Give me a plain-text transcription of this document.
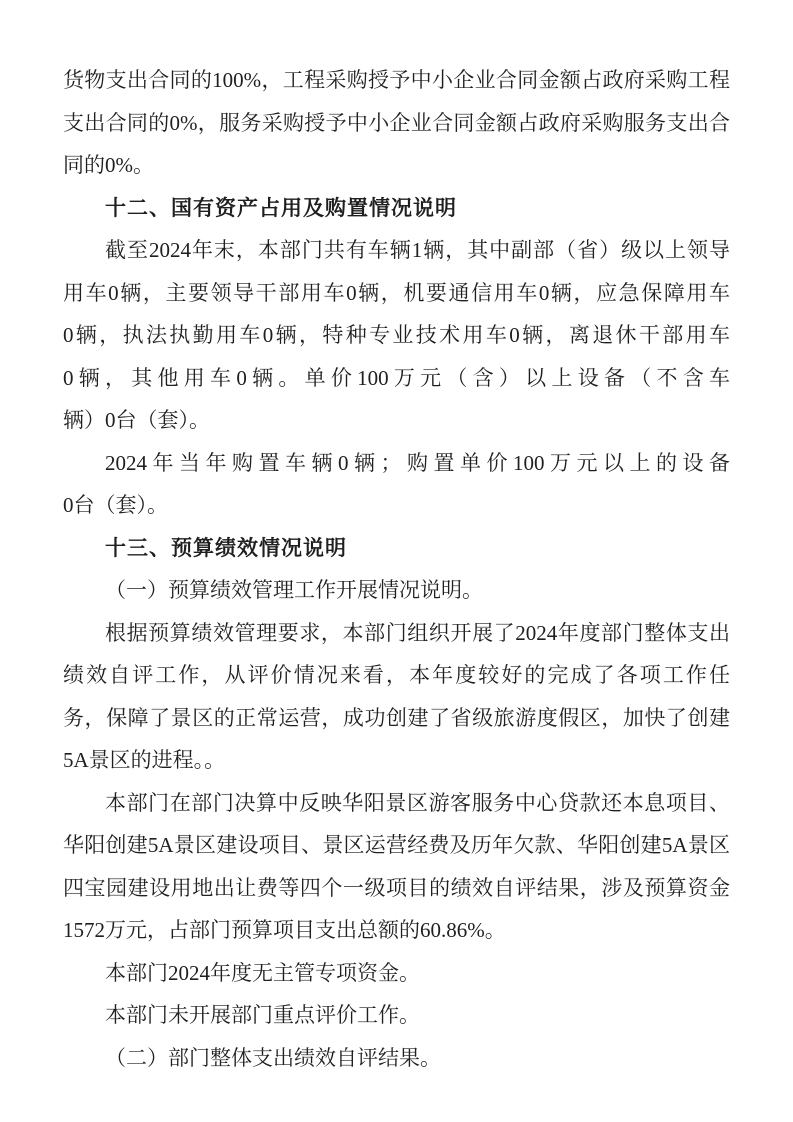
货物支出合同的100%，工程采购授予中小企业合同金额占政府采购工程
支出合同的0%，服务采购授予中小企业合同金额占政府采购服务支出合
同的0%。
十二、国有资产占用及购置情况说明
截至2024年末，本部门共有车辆1辆，其中副部（省）级以上领导
用车0辆，主要领导干部用车0辆，机要通信用车0辆，应急保障用车
0辆，执法执勤用车0辆，特种专业技术用车0辆，离退休干部用车
0辆，其他用车0辆。单价100万元（含）以上设备（不含车
辆）0台（套）。
2024年当年购置车辆0辆；购置单价100万元以上的设备
0台（套）。
十三、预算绩效情况说明
（一）预算绩效管理工作开展情况说明。
根据预算绩效管理要求，本部门组织开展了2024年度部门整体支出
绩效自评工作，从评价情况来看，本年度较好的完成了各项工作任
务，保障了景区的正常运营，成功创建了省级旅游度假区，加快了创建
5A景区的进程。。
本部门在部门决算中反映华阳景区游客服务中心贷款还本息项目、
华阳创建5A景区建设项目、景区运营经费及历年欠款、华阳创建5A景区
四宝园建设用地出让费等四个一级项目的绩效自评结果，涉及预算资金
1572万元，占部门预算项目支出总额的60.86%。
本部门2024年度无主管专项资金。
本部门未开展部门重点评价工作。
（二）部门整体支出绩效自评结果。
